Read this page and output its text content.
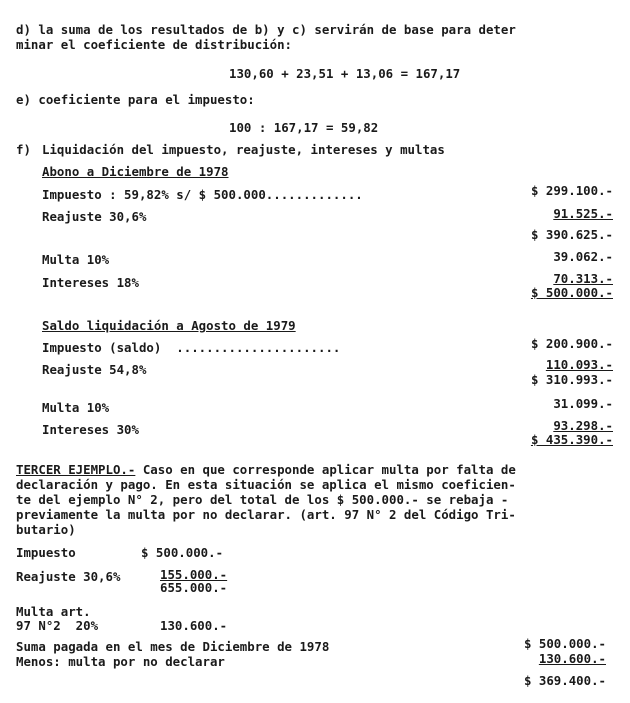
d) la suma de los resultados de b) y c) servirán de base para deter
minar el coeficiente de distribución:
130,60 + 23,51 + 13,06 = 167,17
e) coeficiente para el impuesto:
100 : 167,17 = 59,82
f) Liquidación del impuesto, reajuste, intereses y multas
Abono a Diciembre de 1978
Impuesto : 59,82% s/ $ 500.000.............	$ 299.100.-
Reajuste 30,6%	91.525.-
$ 390.625.-
Multa 10%	39.062.-
Intereses 18%	70.313.-
$ 500.000.-
Saldo liquidación a Agosto de 1979
Impuesto (saldo)  ......................	$ 200.900.-
Reajuste 54,8%	110.093.-
$ 310.993.-
Multa 10%	31.099.-
Intereses 30%	93.298.-
$ 435.390.-
TERCER EJEMPLO.- Caso en que corresponde aplicar multa por falta de
declaración y pago. En esta situación se aplica el mismo coeficien-
te del ejemplo N° 2, pero del total de los $ 500.000.- se rebaja -
previamente la multa por no declarar. (art. 97 N° 2 del Código Tri-
butario)
Impuesto	$ 500.000.-
Reajuste 30,6%	155.000.-
655.000.-
Multa art.
97 N°2  20%	130.600.-
Suma pagada en el mes de Diciembre de 1978	$ 500.000.-
Menos: multa por no declarar	130.600.-
$ 369.400.-
